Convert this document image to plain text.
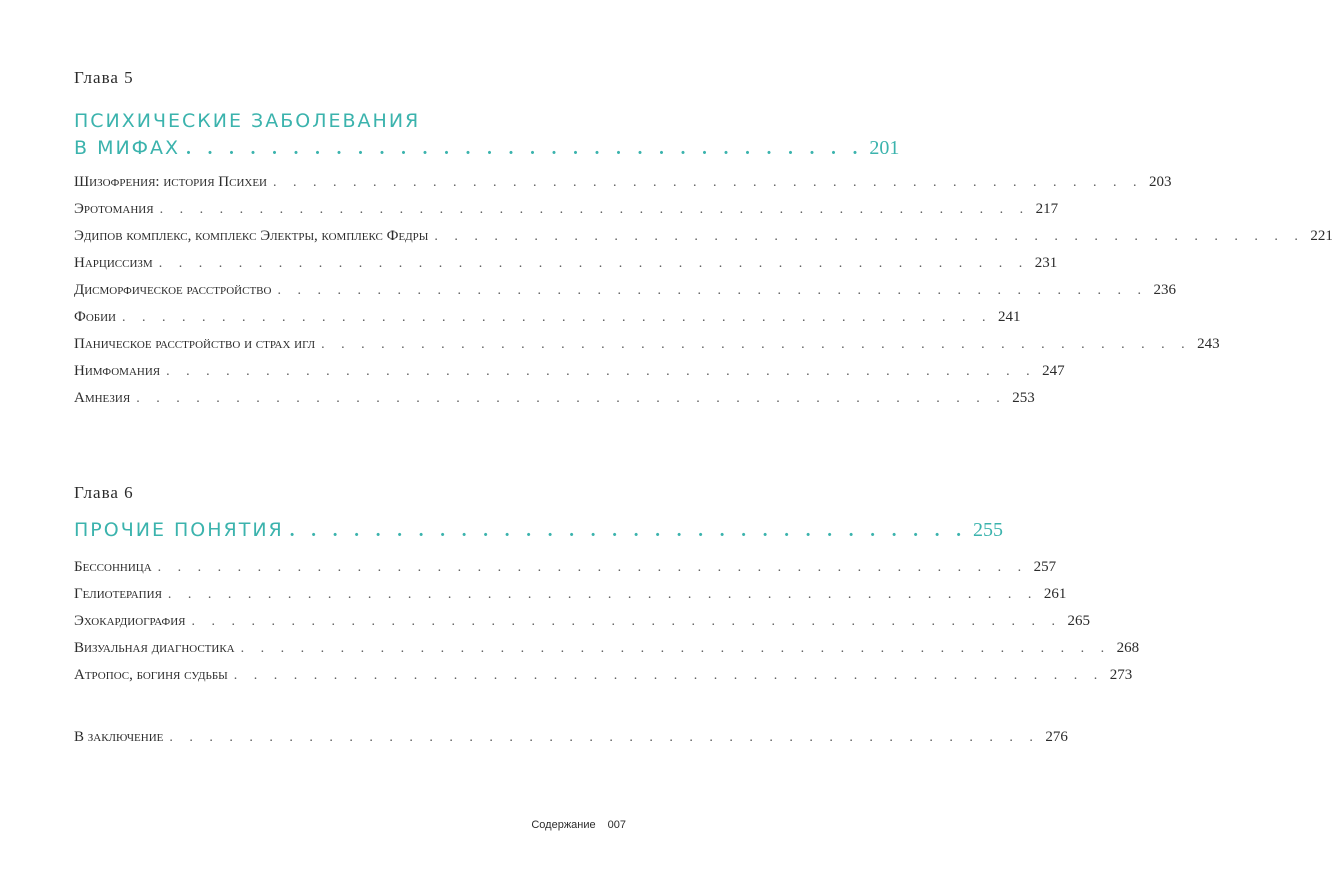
Глава 5
ПСИХИЧЕСКИЕ ЗАБОЛЕВАНИЯ
В МИФАХ . . . . . . . . . . . . . . . . . . . . . . . . . . . . . . . . 201
Шизофрения: история Психеи . . . . . . . . . . . . . . . . . . . . . . . . . . . . . . . . . . . . . . . . . . . . 203
Эротомания . . . . . . . . . . . . . . . . . . . . . . . . . . . . . . . . . . . . . . . . . . . . 217
Эдипов комплекс, комплекс Электры, комплекс Федры . . . . . . . . . . . . . . . . . . . . . . . . . . . . . . . . . . . . . . . . . . . . 221
Нарциссизм . . . . . . . . . . . . . . . . . . . . . . . . . . . . . . . . . . . . . . . . . . . . 231
Дисморфическое расстройство . . . . . . . . . . . . . . . . . . . . . . . . . . . . . . . . . . . . . . . . . . . . 236
Фобии . . . . . . . . . . . . . . . . . . . . . . . . . . . . . . . . . . . . . . . . . . . . 241
Паническое расстройство и страх игл . . . . . . . . . . . . . . . . . . . . . . . . . . . . . . . . . . . . . . . . . . . . 243
Нимфомания . . . . . . . . . . . . . . . . . . . . . . . . . . . . . . . . . . . . . . . . . . . . 247
Амнезия . . . . . . . . . . . . . . . . . . . . . . . . . . . . . . . . . . . . . . . . . . . . 253
Глава 6
ПРОЧИЕ ПОНЯТИЯ . . . . . . . . . . . . . . . . . . . . . . . . . . . . . . . . 255
Бессонница . . . . . . . . . . . . . . . . . . . . . . . . . . . . . . . . . . . . . . . . . . . . 257
Гелиотерапия . . . . . . . . . . . . . . . . . . . . . . . . . . . . . . . . . . . . . . . . . . . . 261
Эхокардиография . . . . . . . . . . . . . . . . . . . . . . . . . . . . . . . . . . . . . . . . . . . . 265
Визуальная диагностика . . . . . . . . . . . . . . . . . . . . . . . . . . . . . . . . . . . . . . . . . . . . 268
Атропос, богиня судьбы . . . . . . . . . . . . . . . . . . . . . . . . . . . . . . . . . . . . . . . . . . . . 273
В заключение . . . . . . . . . . . . . . . . . . . . . . . . . . . . . . . . . . . . . . . . . . . . 276
Содержание 007
